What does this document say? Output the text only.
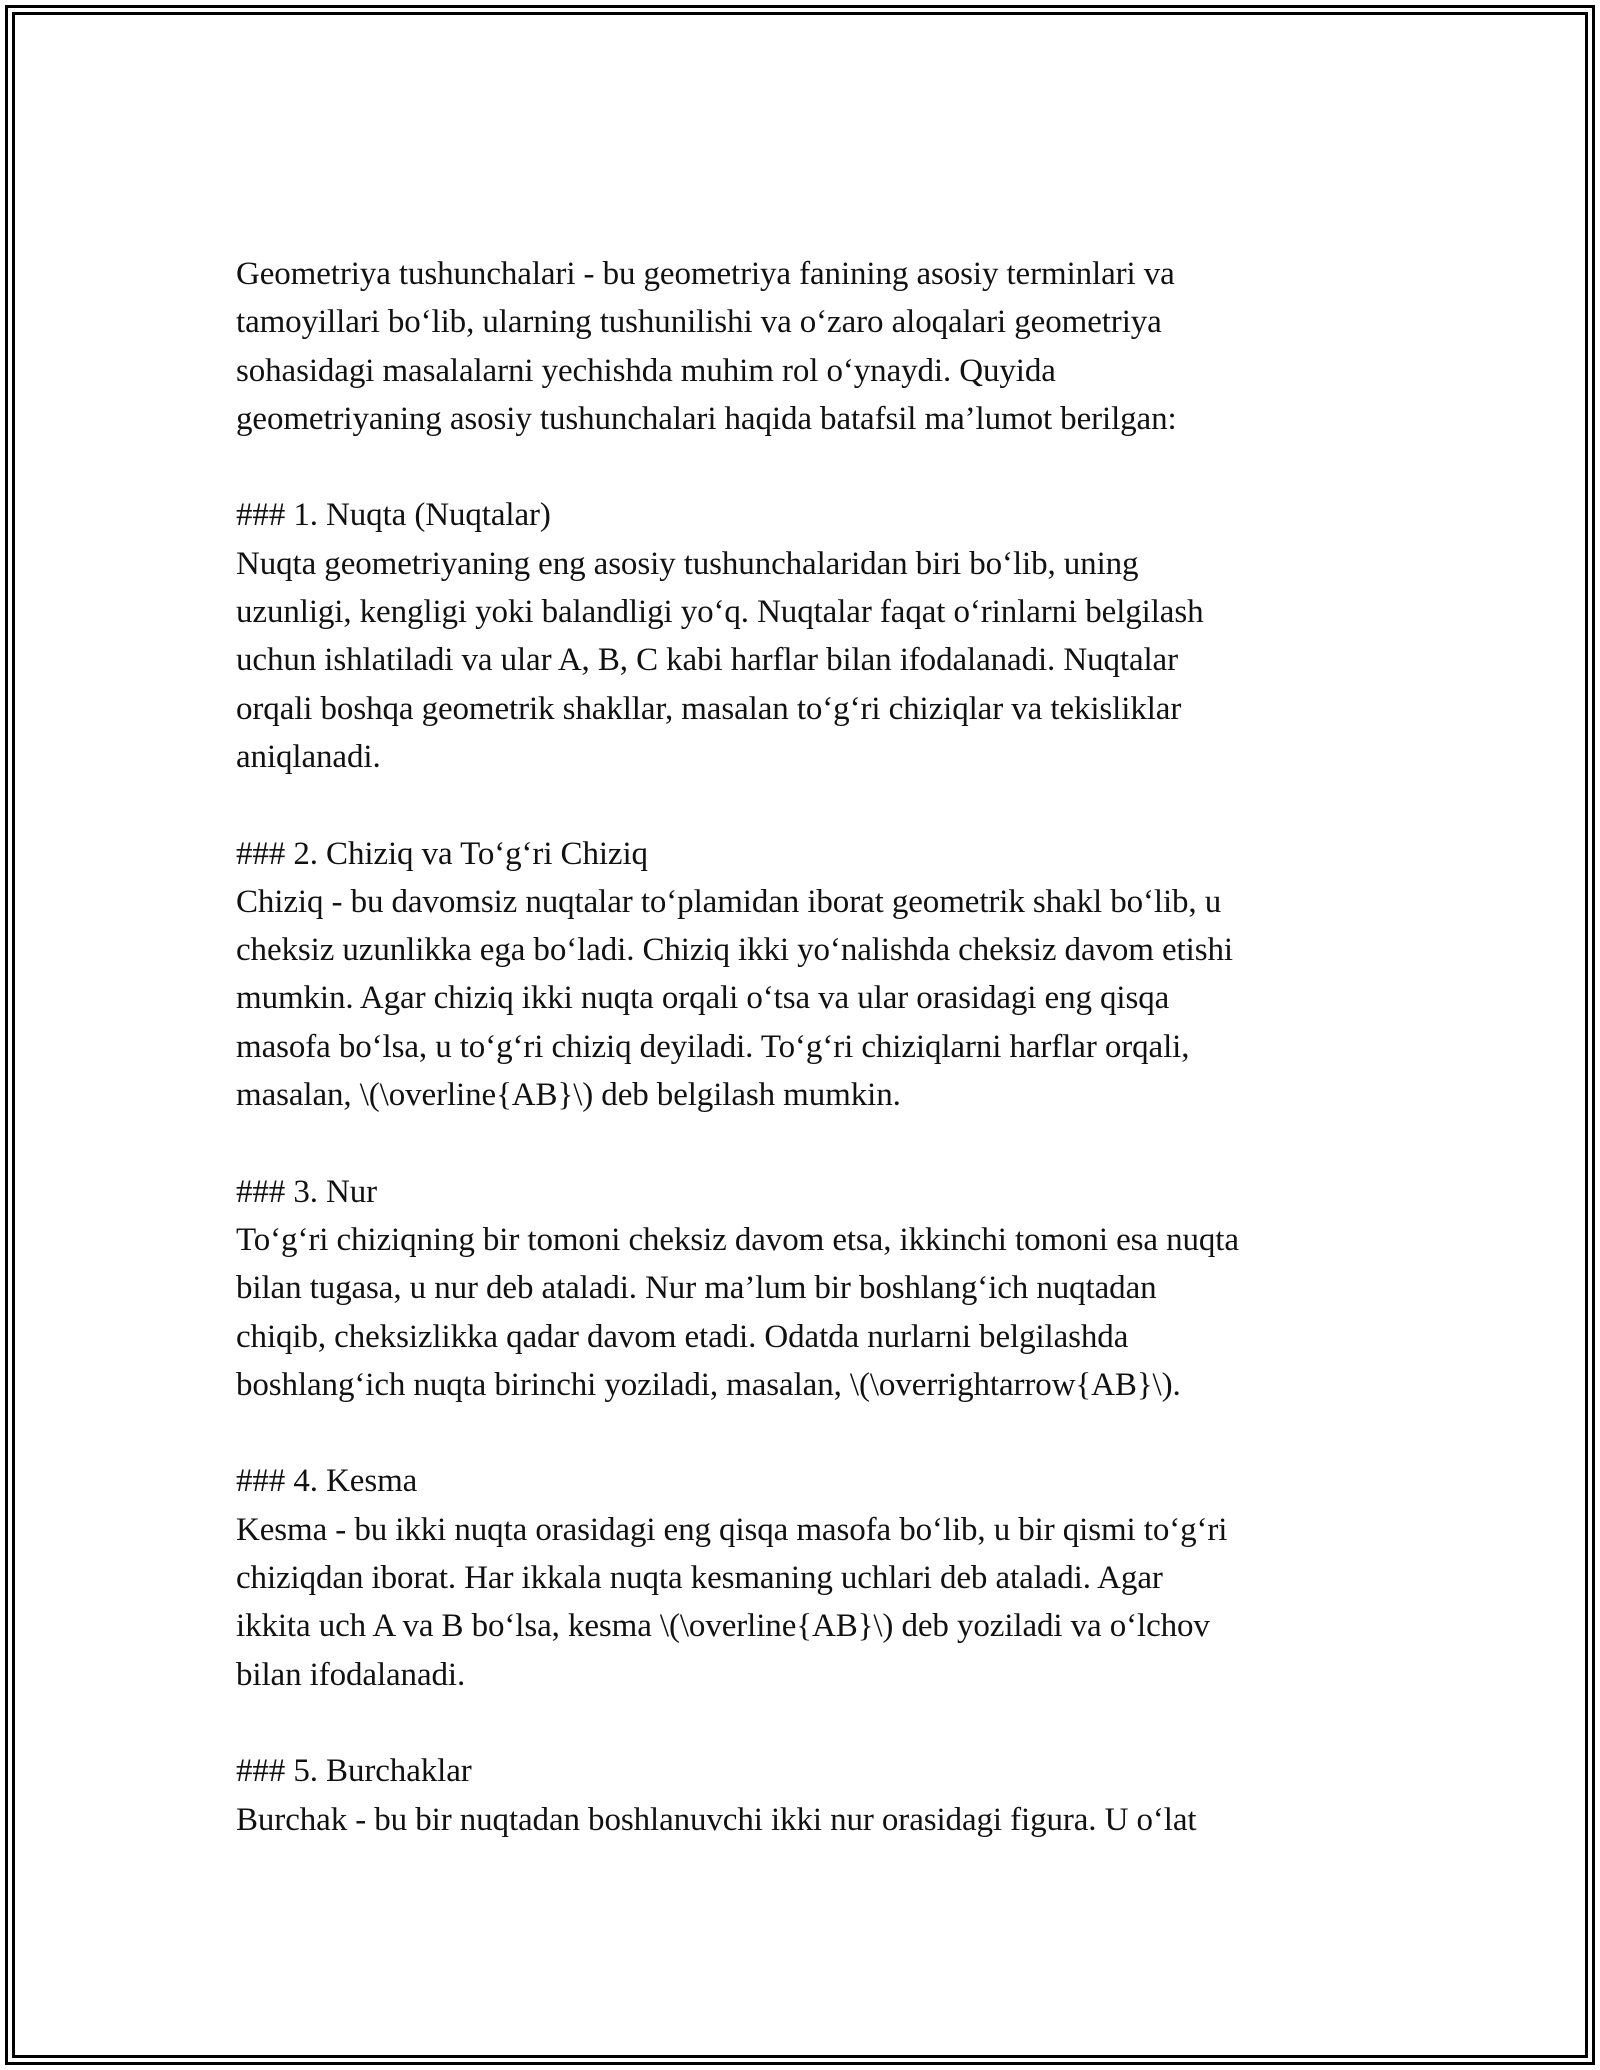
Geometriya tushunchalari - bu geometriya fanining asosiy terminlari va
tamoyillari bo‘lib, ularning tushunilishi va o‘zaro aloqalari geometriya
sohasidagi masalalarni yechishda muhim rol o‘ynaydi. Quyida
geometriyaning asosiy tushunchalari haqida batafsil ma’lumot berilgan:
### 1. Nuqta (Nuqtalar)
Nuqta geometriyaning eng asosiy tushunchalaridan biri bo‘lib, uning
uzunligi, kengligi yoki balandligi yo‘q. Nuqtalar faqat o‘rinlarni belgilash
uchun ishlatiladi va ular A, B, C kabi harflar bilan ifodalanadi. Nuqtalar
orqali boshqa geometrik shakllar, masalan to‘g‘ri chiziqlar va tekisliklar
aniqlanadi.
### 2. Chiziq va To‘g‘ri Chiziq
Chiziq - bu davomsiz nuqtalar to‘plamidan iborat geometrik shakl bo‘lib, u
cheksiz uzunlikka ega bo‘ladi. Chiziq ikki yo‘nalishda cheksiz davom etishi
mumkin. Agar chiziq ikki nuqta orqali o‘tsa va ular orasidagi eng qisqa
masofa bo‘lsa, u to‘g‘ri chiziq deyiladi. To‘g‘ri chiziqlarni harflar orqali,
masalan, \(\overline{AB}\) deb belgilash mumkin.
### 3. Nur
To‘g‘ri chiziqning bir tomoni cheksiz davom etsa, ikkinchi tomoni esa nuqta
bilan tugasa, u nur deb ataladi. Nur ma’lum bir boshlang‘ich nuqtadan
chiqib, cheksizlikka qadar davom etadi. Odatda nurlarni belgilashda
boshlang‘ich nuqta birinchi yoziladi, masalan, \(\overrightarrow{AB}\).
### 4. Kesma
Kesma - bu ikki nuqta orasidagi eng qisqa masofa bo‘lib, u bir qismi to‘g‘ri
chiziqdan iborat. Har ikkala nuqta kesmaning uchlari deb ataladi. Agar
ikkita uch A va B bo‘lsa, kesma \(\overline{AB}\) deb yoziladi va o‘lchov
bilan ifodalanadi.
### 5. Burchaklar
Burchak - bu bir nuqtadan boshlanuvchi ikki nur orasidagi figura. U o‘lat
